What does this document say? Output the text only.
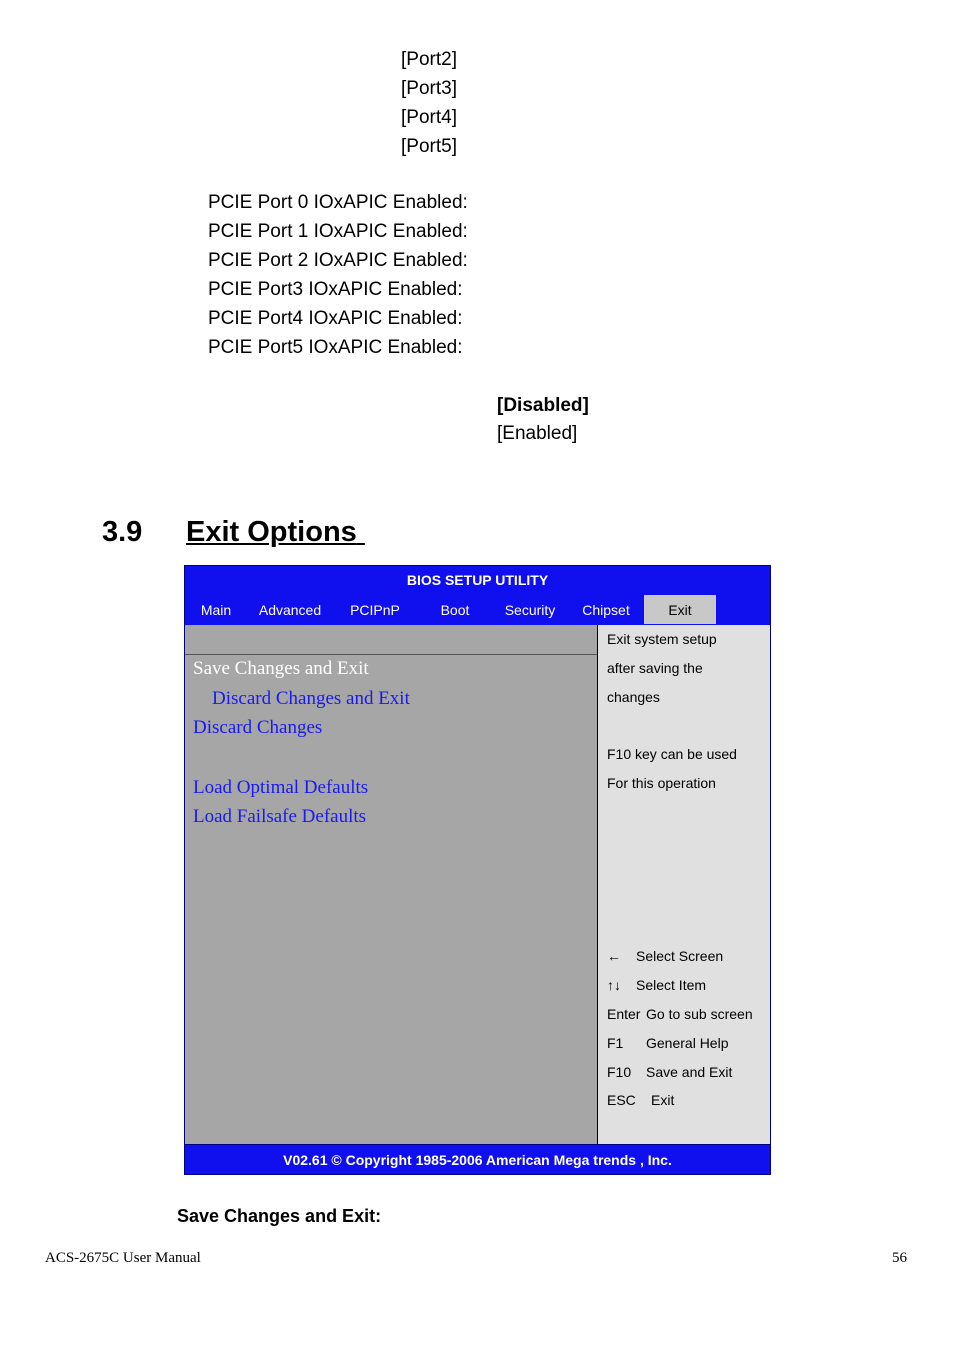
[Port2]
[Port3]
[Port4]
[Port5]
PCIE Port 0 IOxAPIC Enabled:
PCIE Port 1 IOxAPIC Enabled:
PCIE Port 2 IOxAPIC Enabled:
PCIE Port3 IOxAPIC Enabled:
PCIE Port4 IOxAPIC Enabled:
PCIE Port5 IOxAPIC Enabled:
[Disabled]
[Enabled]
3.9 Exit Options
BIOS SETUP UTILITY
Main	Advanced	PCIPnP	Boot	Security	Chipset	Exit
Save Changes and Exit
Discard Changes and Exit
Discard Changes
Load Optimal Defaults
Load Failsafe Defaults
Exit system setup
after saving the
changes
F10 key can be used
For this operation
← Select Screen
↑↓ Select Item
Enter Go to sub screen
F1 General Help
F10 Save and Exit
ESC Exit
V02.61 © Copyright 1985-2006 American Mega trends , Inc.
Save Changes and Exit:
ACS-2675C User Manual	56
